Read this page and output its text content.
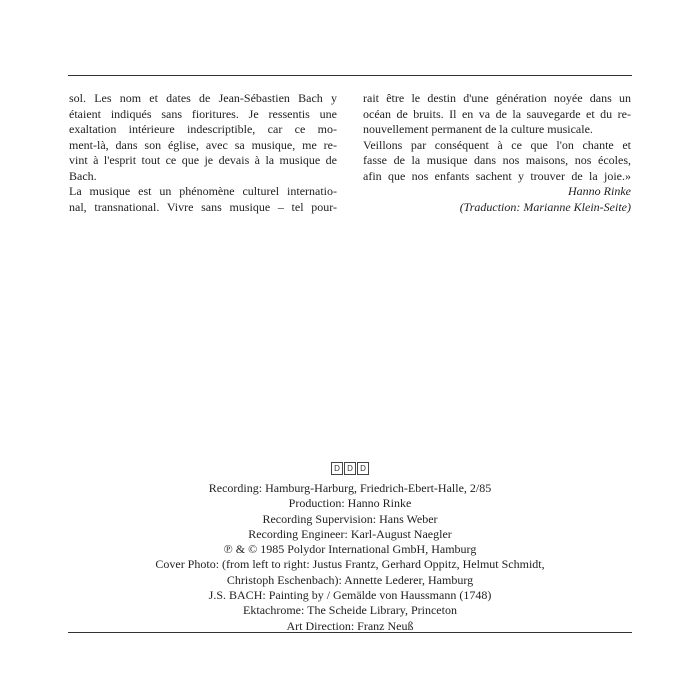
sol. Les nom et dates de Jean-Sébastien Bach y
étaient indiqués sans fioritures. Je ressentis une
exaltation intérieure indescriptible, car ce mo-
ment-là, dans son église, avec sa musique, me re-
vint à l'esprit tout ce que je devais à la musique de
Bach.
La musique est un phénomène culturel internatio-
nal, transnational. Vivre sans musique – tel pour-
rait être le destin d'une génération noyée dans un
océan de bruits. Il en va de la sauvegarde et du re-
nouvellement permanent de la culture musicale.
Veillons par conséquent à ce que l'on chante et
fasse de la musique dans nos maisons, nos écoles,
afin que nos enfants sachent y trouver de la joie.»
Hanno Rinke
(Traduction: Marianne Klein-Seite)
D D D
Recording: Hamburg-Harburg, Friedrich-Ebert-Halle, 2/85
Production: Hanno Rinke
Recording Supervision: Hans Weber
Recording Engineer: Karl-August Naegler
℗ & © 1985 Polydor International GmbH, Hamburg
Cover Photo: (from left to right: Justus Frantz, Gerhard Oppitz, Helmut Schmidt,
Christoph Eschenbach): Annette Lederer, Hamburg
J.S. BACH: Painting by / Gemälde von Haussmann (1748)
Ektachrome: The Scheide Library, Princeton
Art Direction: Franz Neuß
